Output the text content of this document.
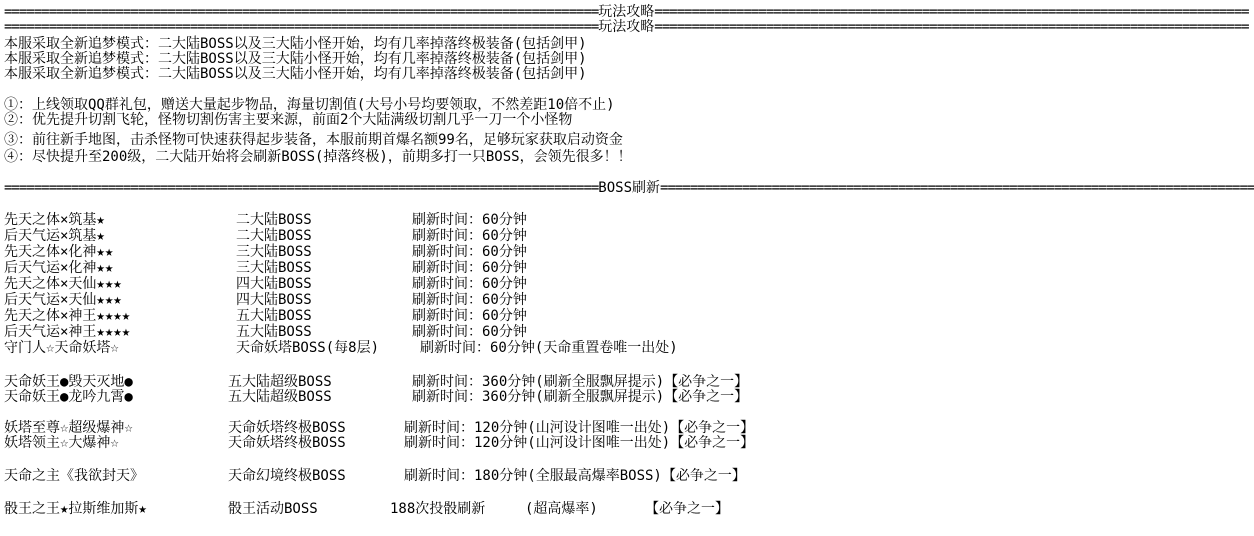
================================================================================ 玩法攻略 ================================================================================
================================================================================ 玩法攻略 ================================================================================
本服采取全新追梦模式：二大陆BOSS以及三大陆小怪开始，均有几率掉落终极装备(包括剑甲)
本服采取全新追梦模式：二大陆BOSS以及三大陆小怪开始，均有几率掉落终极装备(包括剑甲)
本服采取全新追梦模式：二大陆BOSS以及三大陆小怪开始，均有几率掉落终极装备(包括剑甲)
①：上线领取QQ群礼包，赠送大量起步物品，海量切割值(大号小号均要领取，不然差距10倍不止)
②：优先提升切割飞轮，怪物切割伤害主要来源，前面2个大陆满级切割几乎一刀一个小怪物
③：前往新手地图，击杀怪物可快速获得起步装备，本服前期首爆名额99名，足够玩家获取启动资金
④：尽快提升至200级，二大陆开始将会刷新BOSS(掉落终极)，前期多打一只BOSS，会领先很多！！
================================================================================ BOSS刷新 ================================================================================
先天之体×筑基★	二大陆BOSS	刷新时间：60分钟
后天气运×筑基★	二大陆BOSS	刷新时间：60分钟
先天之体×化神★★	三大陆BOSS	刷新时间：60分钟
后天气运×化神★★	三大陆BOSS	刷新时间：60分钟
先天之体×天仙★★★	四大陆BOSS	刷新时间：60分钟
后天气运×天仙★★★	四大陆BOSS	刷新时间：60分钟
先天之体×神王★★★★	五大陆BOSS	刷新时间：60分钟
后天气运×神王★★★★	五大陆BOSS	刷新时间：60分钟
守门人☆天命妖塔☆	天命妖塔BOSS(每8层)	刷新时间：60分钟(天命重置卷唯一出处)
天命妖王●毁天灭地●	五大陆超级BOSS	刷新时间：360分钟(刷新全服飘屏提示)【必争之一】
天命妖王●龙吟九霄●	五大陆超级BOSS	刷新时间：360分钟(刷新全服飘屏提示)【必争之一】
妖塔至尊☆超级爆神☆	天命妖塔终极BOSS	刷新时间：120分钟(山河设计图唯一出处)【必争之一】
妖塔领主☆大爆神☆	天命妖塔终极BOSS	刷新时间：120分钟(山河设计图唯一出处)【必争之一】
天命之主《我欲封天》	天命幻境终极BOSS	刷新时间：180分钟(全服最高爆率BOSS)【必争之一】
骰王之王★拉斯维加斯★	骰王活动BOSS	188次投骰刷新	(超高爆率)	【必争之一】
